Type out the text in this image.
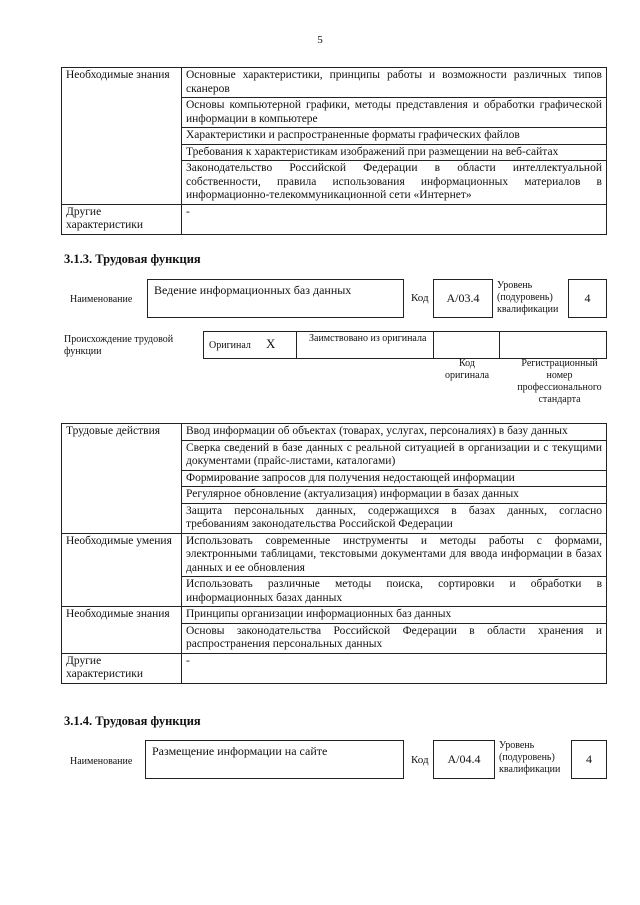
5
Необходимые знания	Основные характеристики, принципы работы и возможности различных типов сканеров
	Основы компьютерной графики, методы представления и обработки графической информации в компьютере
	Характеристики и распространенные форматы графических файлов
	Требования к характеристикам изображений при размещении на веб-сайтах
	Законодательство Российской Федерации в области интеллектуальной собственности, правила использования информационных материалов в информационно-телекоммуникационной сети «Интернет»
Другие характеристики	-
3.1.3. Трудовая функция
Наименование
Ведение информационных баз данных
Код	A/03.4
Уровень (подуровень) квалификации
4
Происхождение трудовой функции
Оригинал X	Заимствовано из оригинала
Код оригинала
Регистрационный номер профессионального стандарта
Трудовые действия	Ввод информации об объектах (товарах, услугах, персоналиях) в базу данных
	Сверка сведений в базе данных с реальной ситуацией в организации и с текущими документами (прайс-листами, каталогами)
	Формирование запросов для получения недостающей информации
	Регулярное обновление (актуализация) информации в базах данных
	Защита персональных данных, содержащихся в базах данных, согласно требованиям законодательства Российской Федерации
Необходимые умения	Использовать современные инструменты и методы работы с формами, электронными таблицами, текстовыми документами для ввода информации в базах данных и ее обновления
	Использовать различные методы поиска, сортировки и обработки в информационных базах данных
Необходимые знания	Принципы организации информационных баз данных
	Основы законодательства Российской Федерации в области хранения и распространения персональных данных
Другие характеристики	-
3.1.4. Трудовая функция
Наименование
Размещение информации на сайте
Код	A/04.4
Уровень (подуровень) квалификации
4
